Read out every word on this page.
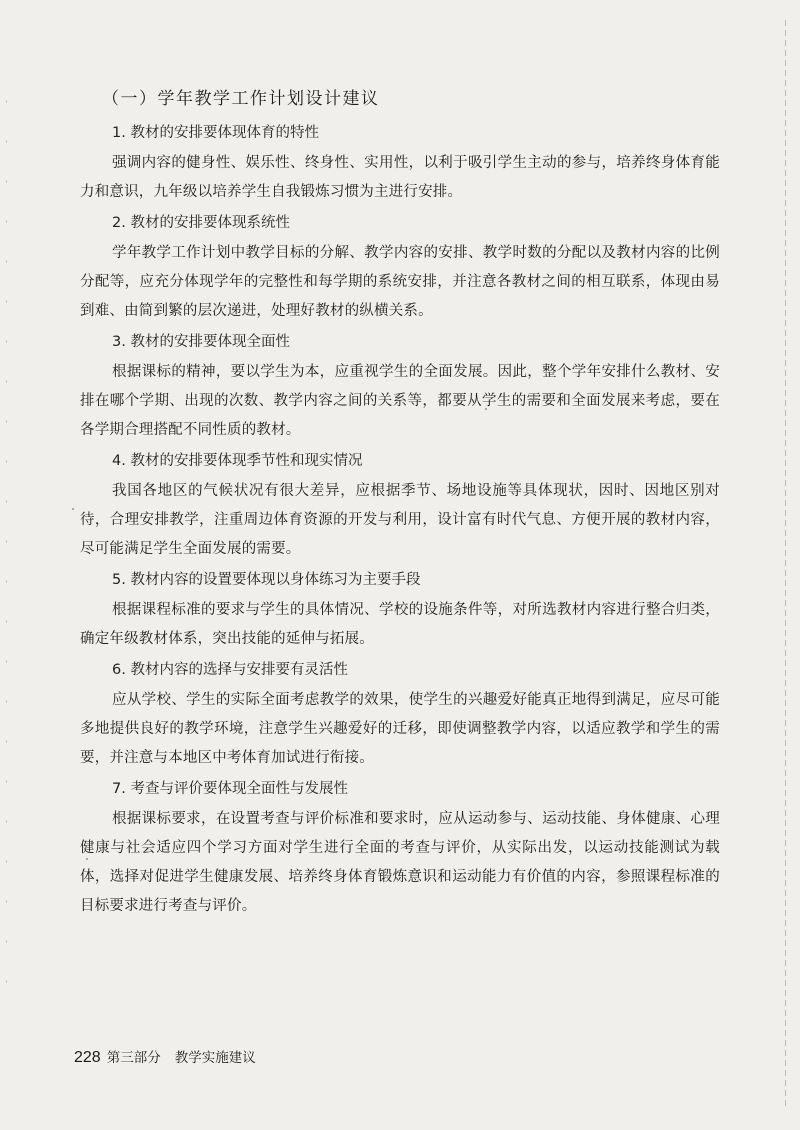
（一）学年教学工作计划设计建议
1. 教材的安排要体现体育的特性

强调内容的健身性、娱乐性、终身性、实用性，以利于吸引学生主动的参与，培养终身体育能力和意识，九年级以培养学生自我锻炼习惯为主进行安排。

2. 教材的安排要体现系统性

学年教学工作计划中教学目标的分解、教学内容的安排、教学时数的分配以及教材内容的比例分配等，应充分体现学年的完整性和每学期的系统安排，并注意各教材之间的相互联系，体现由易到难、由简到繁的层次递进，处理好教材的纵横关系。

3. 教材的安排要体现全面性

根据课标的精神，要以学生为本，应重视学生的全面发展。因此，整个学年安排什么教材、安排在哪个学期、出现的次数、教学内容之间的关系等，都要从学生的需要和全面发展来考虑，要在各学期合理搭配不同性质的教材。

4. 教材的安排要体现季节性和现实情况

我国各地区的气候状况有很大差异，应根据季节、场地设施等具体现状，因时、因地区别对待，合理安排教学，注重周边体育资源的开发与利用，设计富有时代气息、方便开展的教材内容，尽可能满足学生全面发展的需要。

5. 教材内容的设置要体现以身体练习为主要手段

根据课程标准的要求与学生的具体情况、学校的设施条件等，对所选教材内容进行整合归类，确定年级教材体系，突出技能的延伸与拓展。

6. 教材内容的选择与安排要有灵活性

应从学校、学生的实际全面考虑教学的效果，使学生的兴趣爱好能真正地得到满足，应尽可能多地提供良好的教学环境，注意学生兴趣爱好的迁移，即使调整教学内容，以适应教学和学生的需要，并注意与本地区中考体育加试进行衔接。

7. 考查与评价要体现全面性与发展性

根据课标要求，在设置考查与评价标准和要求时，应从运动参与、运动技能、身体健康、心理健康与社会适应四个学习方面对学生进行全面的考查与评价，从实际出发，以运动技能测试为载体，选择对促进学生健康发展、培养终身体育锻炼意识和运动能力有价值的内容，参照课程标准的目标要求进行考查与评价。

228 第三部分 教学实施建议
